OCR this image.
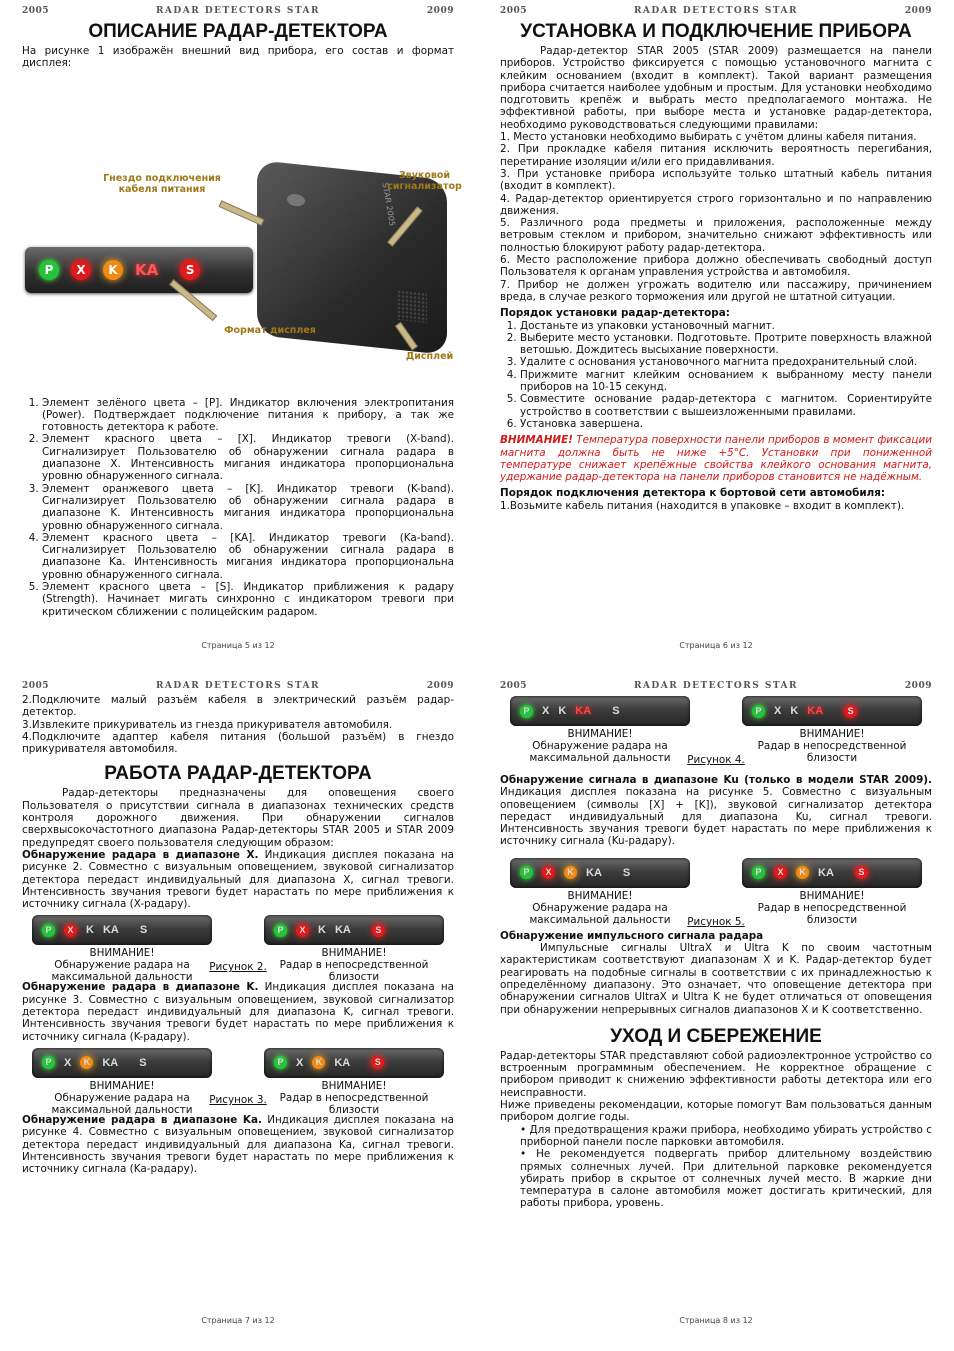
2005	RADAR DETECTORS STAR	2009
ОПИСАНИЕ РАДАР-ДЕТЕКТОРА

На рисунке 1 изображён внешний вид прибора, его состав и формат дисплея:

STAR 2005
P	X	K	KA	S
Гнездо подключения кабеля питания
Звуковой сигнализатор
Формат дисплея
Дисплей
1. Элемент зелёного цвета – [P]. Индикатор включения электропитания (Power). Подтверждает подключение питания к прибору, а так же готовность детектора к работе.
2. Элемент красного цвета – [X]. Индикатор тревоги (X-band). Сигнализирует Пользователю об обнаружении сигнала радара в диапазоне X. Интенсивность мигания индикатора пропорциональна уровню обнаруженного сигнала.
3. Элемент оранжевого цвета – [K]. Индикатор тревоги (K-band). Сигнализирует Пользователю об обнаружении сигнала радара в диапазоне K. Интенсивность мигания индикатора пропорциональна уровню обнаруженного сигнала.
4. Элемент красного цвета – [KA]. Индикатор тревоги (Ka-band). Сигнализирует Пользователю об обнаружении сигнала радара в диапазоне Ka. Интенсивность мигания индикатора пропорциональна уровню обнаруженного сигнала.
5. Элемент красного цвета – [S]. Индикатор приближения к радару (Strength). Начинает мигать синхронно с индикатором тревоги при критическом сближении с полицейским радаром.
Страница 5 из 12
2005	RADAR DETECTORS STAR	2009
УСТАНОВКА И ПОДКЛЮЧЕНИЕ ПРИБОРА

Радар-детектор STAR 2005 (STAR 2009) размещается на панели приборов. Устройство фиксируется с помощью установочного магнита с клейким основанием (входит в комплект). Такой вариант размещения прибора считается наиболее удобным и простым. Для установки необходимо подготовить крепёж и выбрать место предполагаемого монтажа. Не эффективной работы, при выборе места и установке радар-детектора, необходимо руководствоваться следующими правилами:

1. Место установки необходимо выбирать с учётом длины кабеля питания.

2. При прокладке кабеля питания исключить вероятность перегибания, перетирание изоляции и/или его придавливания.

3. При установке прибора используйте только штатный кабель питания (входит в комплект).

4. Радар-детектор ориентируется строго горизонтально и по направлению движения.

5. Различного рода предметы и приложения, расположенные между ветровым стеклом и прибором, значительно снижают эффективность или полностью блокируют работу радар-детектора.

6. Место расположение прибора должно обеспечивать свободный доступ Пользователя к органам управления устройства и автомобиля.

7. Прибор не должен угрожать водителю или пассажиру, причинением вреда, в случае резкого торможения или другой не штатной ситуации.

Порядок установки радар-детектора:

1. Достаньте из упаковки установочный магнит.
2. Выберите место установки. Подготовьте. Протрите поверхность влажной ветошью. Дождитесь высыхание поверхности.
3. Удалите с основания установочного магнита предохранительный слой.
4. Прижмите магнит клейким основанием к выбранному месту панели приборов на 10-15 секунд.
5. Совместите основание радар-детектора с магнитом. Сориентируйте устройство в соответствии с вышеизложенными правилами.
6. Установка завершена.

ВНИМАНИЕ! Температура поверхности панели приборов в момент фиксации магнита должна быть не ниже +5°C. Установки при пониженной температуре снижает крепёжные свойства клейкого основания магнита, удержание радар-детектора на панели приборов становится не надёжным.

Порядок подключения детектора к бортовой сети автомобиля:

1.Возьмите кабель питания (находится в упаковке – входит в комплект).

Страница 6 из 12
2005	RADAR DETECTORS STAR	2009

2.Подключите малый разъём кабеля в электрический разъём радар-детектор.

3.Извлеките прикуриватель из гнезда прикуривателя автомобиля.

4.Подключите адаптер кабеля питания (большой разъём) в гнездо прикуривателя автомобиля.

РАБОТА РАДАР-ДЕТЕКТОРА

Радар-детекторы предназначены для оповещения своего Пользователя о присутствии сигнала в диапазонах технических средств контроля дорожного движения. При обнаружении сигналов сверхвысокочастотного диапазона Радар-детекторы STAR 2005 и STAR 2009 предупредят своего пользователя следующим образом:

Обнаружение радара в диапазоне X. Индикация дисплея показана на рисунке 2. Совместно с визуальным оповещением, звуковой сигнализатор детектора передаст индивидуальный для диапазона X, сигнал тревоги. Интенсивность звучания тревоги будет нарастать по мере приближения к источнику сигнала (X-радару).

P	X	K KA S
ВНИМАНИЕ!
Обнаружение радара на максимальной дальности
P	X	K KA	S
ВНИМАНИЕ!
Радар в непосредственной близости
Рисунок 2.

Обнаружение радара в диапазоне K. Индикация дисплея показана на рисунке 3. Совместно с визуальным оповещением, звуковой сигнализатор детектора передаст индивидуальный для диапазона K, сигнал тревоги. Интенсивность звучания тревоги будет нарастать по мере приближения к источнику сигнала (K-радару).

P	X	K KA S
ВНИМАНИЕ!
Обнаружение радара на максимальной дальности
P	X	K KA	S
ВНИМАНИЕ!
Радар в непосредственной близости
Рисунок 3.

Обнаружение радара в диапазоне Ka. Индикация дисплея показана на рисунке 4. Совместно с визуальным оповещением, звуковой сигнализатор детектора передаст индивидуальный для диапазона Ka, сигнал тревоги. Интенсивность звучания тревоги будет нарастать по мере приближения к источнику сигнала (Ka-радару).

Страница 7 из 12
2005	RADAR DETECTORS STAR	2009
P	X K KA S
ВНИМАНИЕ!
Обнаружение радара на максимальной дальности
P	X K KA	S
ВНИМАНИЕ!
Радар в непосредственной близости
Рисунок 4.

Обнаружение сигнала в диапазоне Ku (только в модели STAR 2009). Индикация дисплея показана на рисунке 5. Совместно с визуальным оповещением (символы [X] + [K]), звуковой сигнализатор детектора передаст индивидуальный для диапазона Ku, сигнал тревоги. Интенсивность звучания тревоги будет нарастать по мере приближения к источнику сигнала (Ku-радару).

P	X	K KA S
ВНИМАНИЕ!
Обнаружение радара на максимальной дальности
P	X	K KA	S
ВНИМАНИЕ!
Радар в непосредственной близости
Рисунок 5.

Обнаружение импульсного сигнала радара

Импульсные сигналы UltraX и Ultra K по своим частотным характеристикам соответствуют диапазонам X и K. Радар-детектор будет реагировать на подобные сигналы в соответствии с их принадлежностью к определённому диапазону. Это означает, что оповещение детектора при обнаружении сигналов UltraX и Ultra K не будет отличаться от оповещения при обнаружении непрерывных сигналов диапазонов X и K соответственно.

УХОД И СБЕРЕЖЕНИЕ

Радар-детекторы STAR представляют собой радиоэлектронное устройство со встроенным программным обеспечением. Не корректное обращение с прибором приводит к снижению эффективности работы детектора или его неисправности.

Ниже приведены рекомендации, которые помогут Вам пользоваться данным прибором долгие годы.

• Для предотвращения кражи прибора, необходимо убирать устройство с приборной панели после парковки автомобиля.

• Не рекомендуется подвергать прибор длительному воздействию прямых солнечных лучей. При длительной парковке рекомендуется убирать прибор в скрытое от солнечных лучей место. В жаркие дни температура в салоне автомобиля может достигать критический, для работы прибора, уровень.

Страница 8 из 12
